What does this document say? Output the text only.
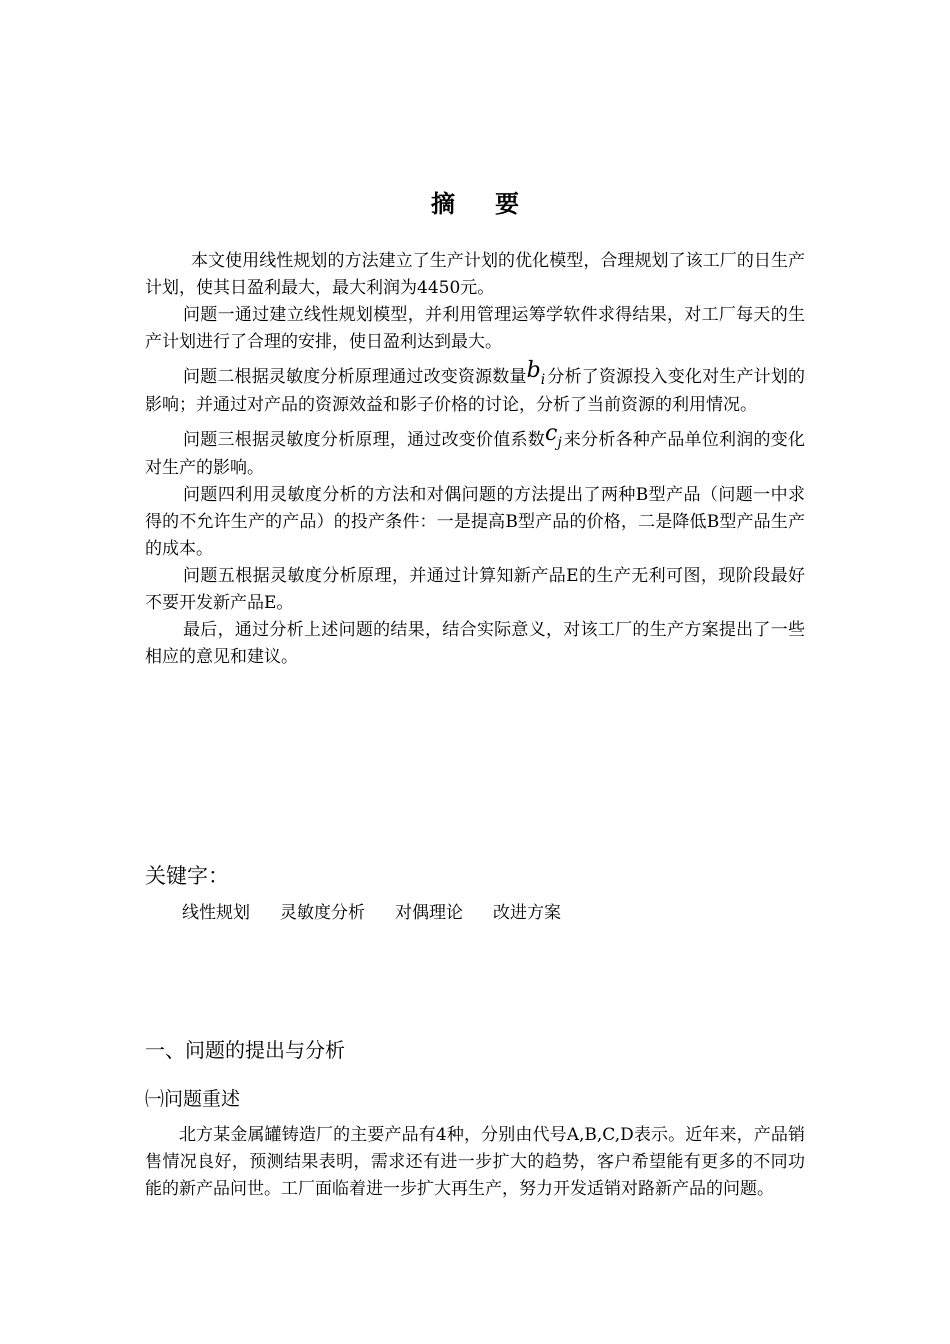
摘 要

本文使用线性规划的方法建立了生产计划的优化模型，合理规划了该工厂的日生产计划，使其日盈利最大，最大利润为4450元。

问题一通过建立线性规划模型，并利用管理运筹学软件求得结果，对工厂每天的生产计划进行了合理的安排，使日盈利达到最大。

问题二根据灵敏度分析原理通过改变资源数量bi 分析了资源投入变化对生产计划的影响；并通过对产品的资源效益和影子价格的讨论，分析了当前资源的利用情况。

问题三根据灵敏度分析原理，通过改变价值系数cj 来分析各种产品单位利润的变化对生产的影响。

问题四利用灵敏度分析的方法和对偶问题的方法提出了两种B型产品（问题一中求得的不允许生产的产品）的投产条件：一是提高B型产品的价格，二是降低B型产品生产的成本。

问题五根据灵敏度分析原理，并通过计算知新产品E的生产无利可图，现阶段最好不要开发新产品E。

最后，通过分析上述问题的结果，结合实际意义，对该工厂的生产方案提出了一些相应的意见和建议。

关键字：
线性规划 灵敏度分析 对偶理论 改进方案
一、问题的提出与分析
㈠问题重述

北方某金属罐铸造厂的主要产品有4种，分别由代号A,B,C,D表示。近年来，产品销售情况良好，预测结果表明，需求还有进一步扩大的趋势，客户希望能有更多的不同功能的新产品问世。工厂面临着进一步扩大再生产，努力开发适销对路新产品的问题。
